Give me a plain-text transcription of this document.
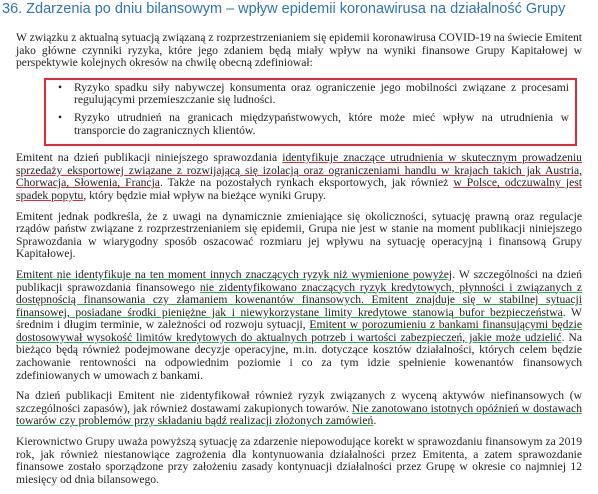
36. Zdarzenia po dniu bilansowym – wpływ epidemii koronawirusa na działalność Grupy

W związku z aktualną sytuacją związaną z rozprzestrzenianiem się epidemii koronawirusa COVID-19 na świecie Emitent jako główne czynniki ryzyka, które jego zdaniem będą miały wpływ na wyniki finansowe Grupy Kapitałowej w perspektywie kolejnych okresów na chwilę obecną zdefiniował:

• Ryzyko spadku siły nabywczej konsumenta oraz ograniczenie jego mobilności związane z procesami regulującymi przemieszczanie się ludności.
• Ryzyko utrudnień na granicach międzypaństwowych, które może mieć wpływ na utrudnienia w transporcie do zagranicznych klientów.

Emitent na dzień publikacji niniejszego sprawozdania identyfikuje znaczące utrudnienia w skutecznym prowadzeniu sprzedaży eksportowej związane z rozwijającą się izolacją oraz ograniczeniami handlu w krajach takich jak Austria, Chorwacja, Słowenia, Francja. Także na pozostałych rynkach eksportowych, jak również w Polsce, odczuwalny jest spadek popytu, który będzie miał wpływ na bieżące wyniki Grupy.

Emitent jednak podkreśla, że z uwagi na dynamicznie zmieniające się okoliczności, sytuację prawną oraz regulacje rządów państw związane z rozprzestrzenianiem się epidemii, Grupa nie jest w stanie na moment publikacji niniejszego Sprawozdania w wiarygodny sposób oszacować rozmiaru jej wpływu na sytuację operacyjną i finansową Grupy Kapitałowej.

Emitent nie identyfikuje na ten moment innych znaczących ryzyk niż wymienione powyżej. W szczególności na dzień publikacji sprawozdania finansowego nie zidentyfikowano znaczących ryzyk kredytowych, płynności i związanych z dostępnością finansowania czy złamaniem kowenantów finansowych. Emitent znajduje się w stabilnej sytuacji finansowej, posiadane środki pieniężne jak i niewykorzystane limity kredytowe stanowią bufor bezpieczeństwa. W średnim i długim terminie, w zależności od rozwoju sytuacji, Emitent w porozumieniu z bankami finansującymi będzie dostosowywał wysokość limitów kredytowych do aktualnych potrzeb i wartości zabezpieczeń, jakie może udzielić. Na bieżąco będą również podejmowane decyzje operacyjne, m.in. dotyczące kosztów działalności, których celem będzie zachowanie rentowności na odpowiednim poziomie i co za tym idzie spełnienie kowenantów finansowych zdefiniowanych w umowach z bankami.

Na dzień publikacji Emitent nie zidentyfikował również ryzyk związanych z wyceną aktywów niefinansowych (w szczególności zapasów), jak również dostawami zakupionych towarów. Nie zanotowano istotnych opóźnień w dostawach towarów czy problemów przy składaniu bądź realizacji złożonych zamówień.

Kierownictwo Grupy uważa powyższą sytuację za zdarzenie niepowodujące korekt w sprawozdaniu finansowym za 2019 rok, jak również niestanowiące zagrożenia dla kontynuowania działalności przez Emitenta, a zatem sprawozdanie finansowe zostało sporządzone przy założeniu zasady kontynuacji działalności przez Grupę w okresie co najmniej 12 miesięcy od dnia bilansowego.
